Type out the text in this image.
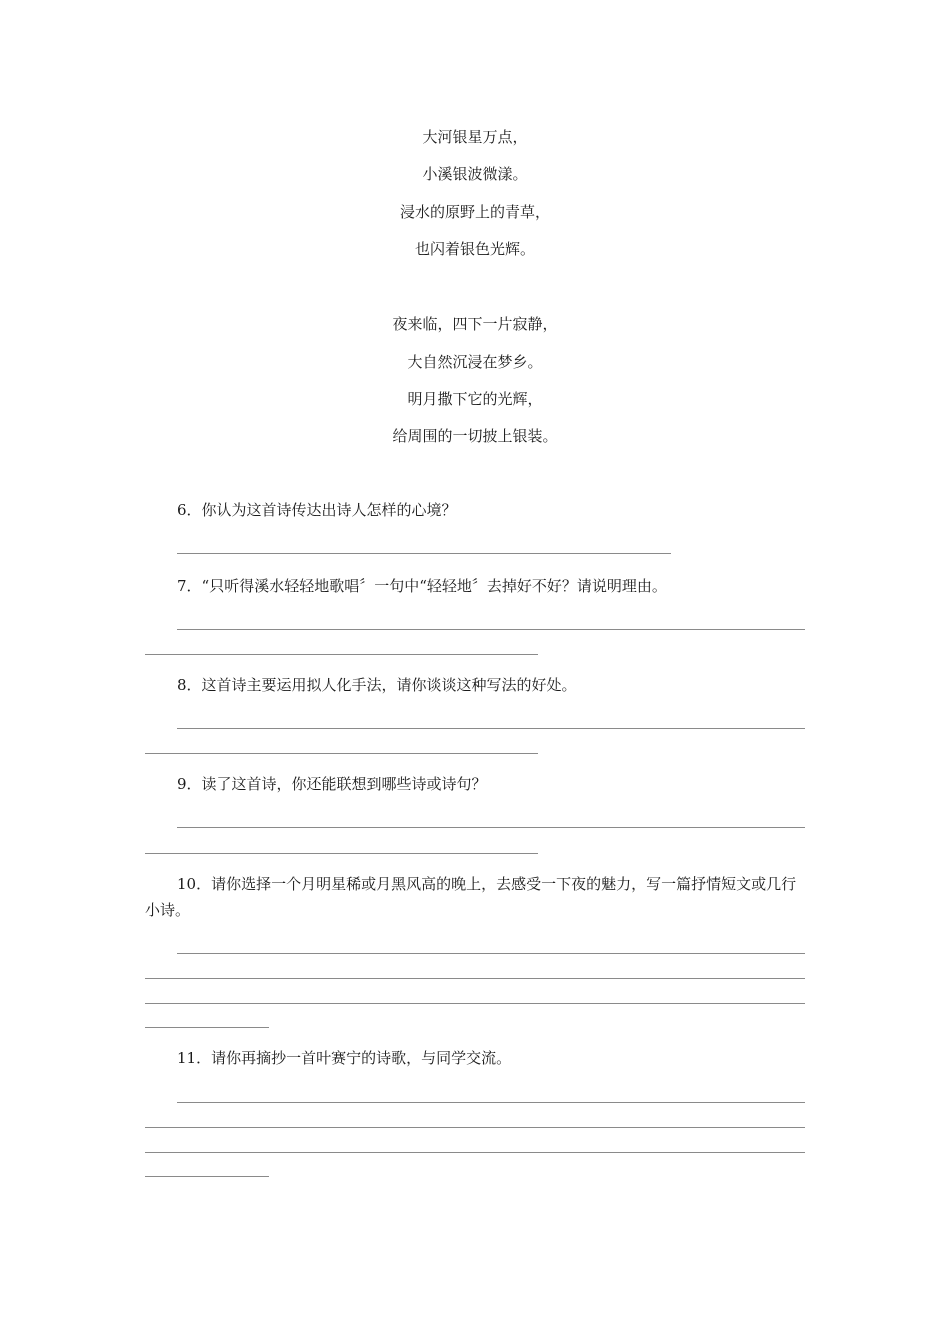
大河银星万点，
小溪银波微漾。
浸水的原野上的青草，
也闪着银色光辉。
夜来临，四下一片寂静，
大自然沉浸在梦乡。
明月撒下它的光辉，
给周围的一切披上银装。
6．你认为这首诗传达出诗人怎样的心境？
7．“只听得溪水轻轻地歌唱〞一句中“轻轻地〞去掉好不好？请说明理由。
8．这首诗主要运用拟人化手法，请你谈谈这种写法的好处。
9．读了这首诗，你还能联想到哪些诗或诗句？
10．请你选择一个月明星稀或月黑风高的晚上，去感受一下夜的魅力，写一篇抒情短文或几行小诗。
11．请你再摘抄一首叶赛宁的诗歌，与同学交流。
